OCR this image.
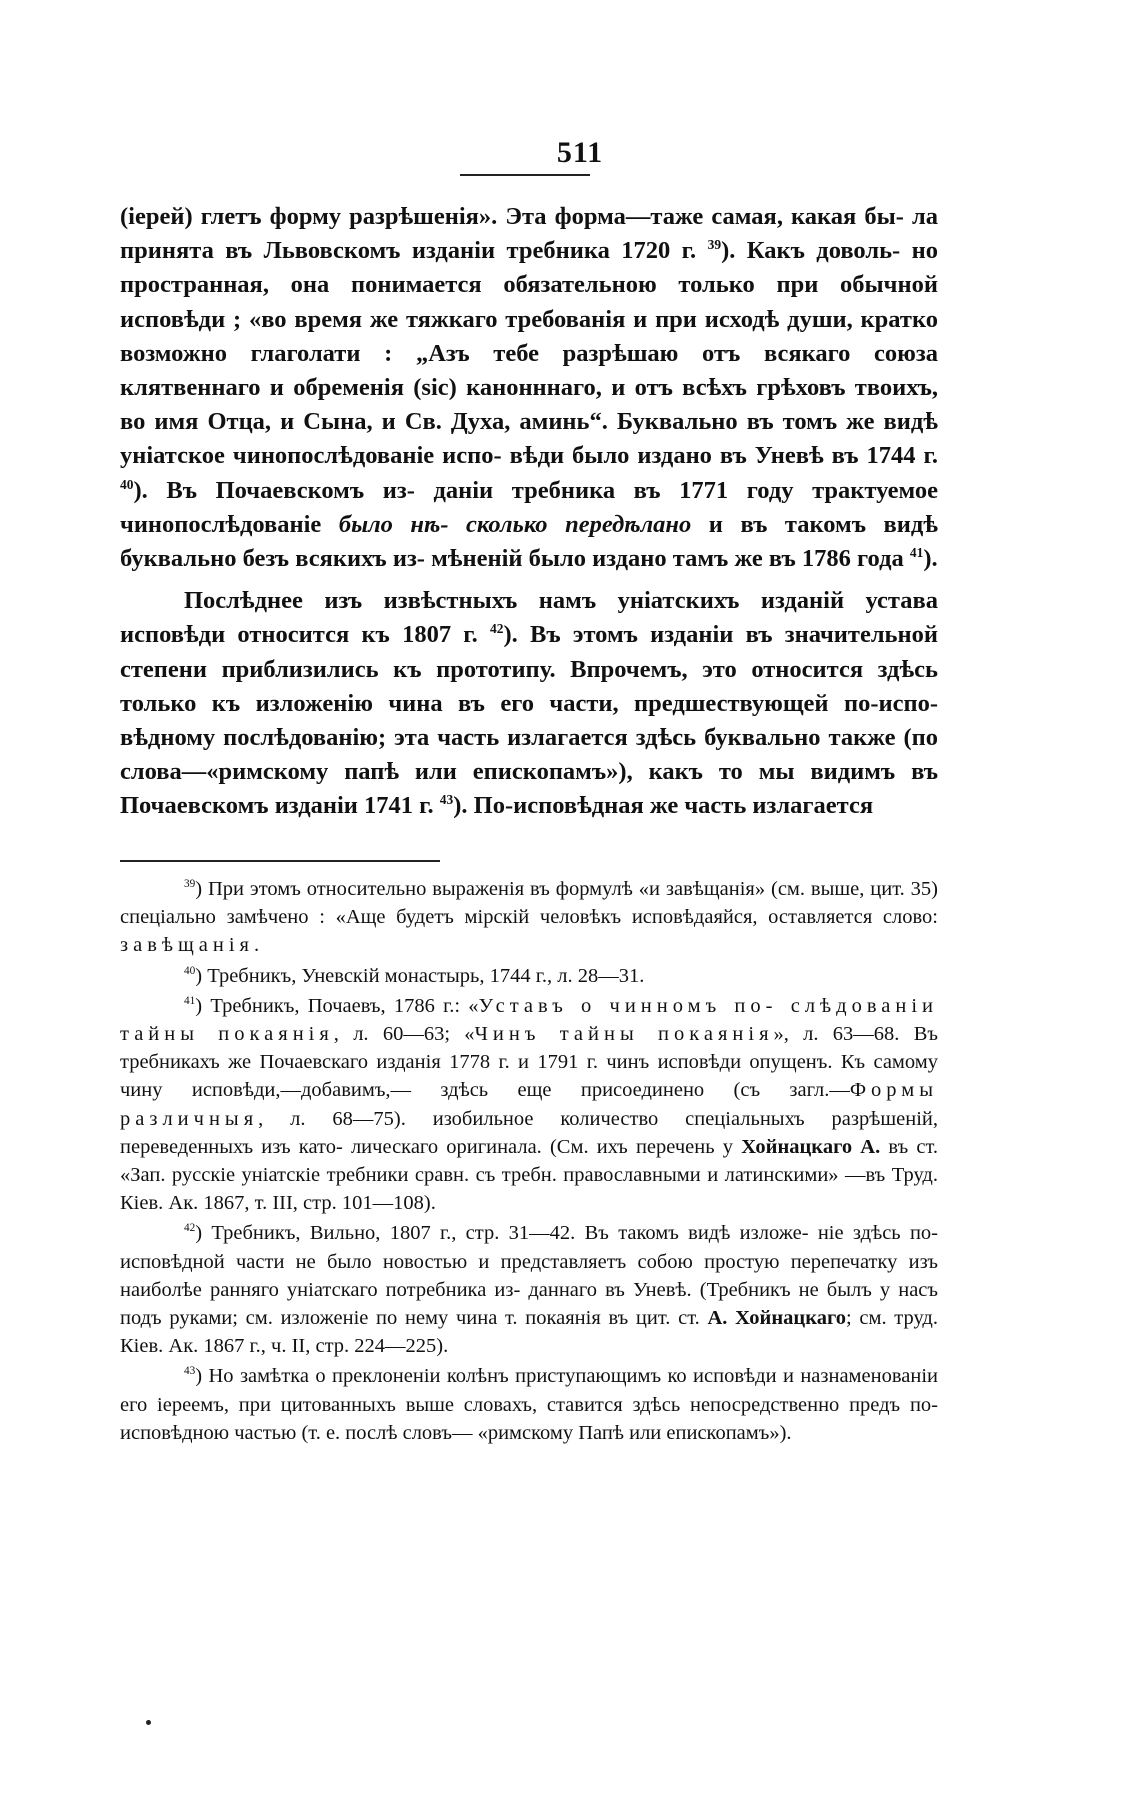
511

(iерей) глетъ форму разрѣшенiя». Эта форма—таже самая, какая бы- ла принята въ Львовскомъ изданiи требника 1720 г. $^{39}$). Какъ доволь- но пространная, она понимается обязательною только при обычной исповѣди ; «во время же тяжкаго требованiя и при исходѣ души, кратко возможно глаголати : „Азъ тебе разрѣшаю отъ всякаго союза клятвеннаго и обременiя (sic) канонннаго, и отъ всѣхъ грѣховъ твоихъ, во имя Отца, и Сына, и Св. Духа, аминь“. Буквально въ томъ же видѣ унiатское чинопослѣдованiе испо- вѣди было издано въ Уневѣ въ 1744 г. $^{40}$). Въ Почаевскомъ из- данiи требника въ 1771 году трактуемое чинопослѣдованiе было нѣ- сколько передѣлано и въ такомъ видѣ буквально безъ всякихъ из- мѣненiй было издано тамъ же въ 1786 года $^{41}$).

Послѣднее изъ извѣстныхъ намъ унiатскихъ изданiй устава исповѣди относится къ 1807 г. $^{42}$). Въ этомъ изданiи въ значительной степени приблизились къ прототипу. Впрочемъ, это относится здѣсь только къ изложенiю чина въ его части, предшествующей по-испо- вѣдному послѣдованiю; эта часть излагается здѣсь буквально также (по слова—«римскому папѣ или епископамъ»), какъ то мы видимъ въ Почаевскомъ изданiи 1741 г. $^{43}$). По-исповѣдная же часть излагается

$^{39}$) При этомъ относительно выраженiя въ формулѣ «и завѣщанiя» (см. выше, цит. 35) спецiально замѣчено : «Аще будетъ мiрскiй человѣкъ исповѣдаяйся, оставляется слово: завѣщанiя.

$^{40}$) Требникъ, Уневскiй монастырь, 1744 г., л. 28—31.

$^{41}$) Требникъ, Почаевъ, 1786 г.: «Уставъ о чинномъ по- слѣдованiи тайны покаянiя, л. 60—63; «Чинъ тайны покаянiя», л. 63—68. Въ требникахъ же Почаевскаго изданiя 1778 г. и 1791 г. чинъ исповѣди опущенъ. Къ самому чину исповѣди,—добавимъ,— здѣсь еще присоединено (съ загл.—Формы различныя, л. 68—75). изобильное количество спецiальныхъ разрѣшенiй, переведенныхъ изъ като- лическаго оригинала. (См. ихъ перечень у Хойнацкаго А. въ ст. «Зап. русскiе унiатскiе требники сравн. съ требн. православными и латинскими» —въ Труд. Кiев. Ак. 1867, т. III, стр. 101—108).

$^{42}$) Требникъ, Вильно, 1807 г., стр. 31—42. Въ такомъ видѣ изложе- нiе здѣсь по-исповѣдной части не было новостью и представляетъ собою простую перепечатку изъ наиболѣе ранняго унiатскаго потребника из- даннаго въ Уневѣ. (Требникъ не былъ у насъ подъ руками; см. изложенiе по нему чина т. покаянiя въ цит. ст. А. Хойнацкаго; см. труд. Кiев. Ак. 1867 г., ч. II, стр. 224—225).

$^{43}$) Но замѣтка о преклоненiи колѣнъ приступающимъ ко исповѣди и назнаменованiи его iереемъ, при цитованныхъ выше словахъ, ставится здѣсь непосредственно предъ по-исповѣдною частью (т. е. послѣ словъ— «римскому Папѣ или епископамъ»).
